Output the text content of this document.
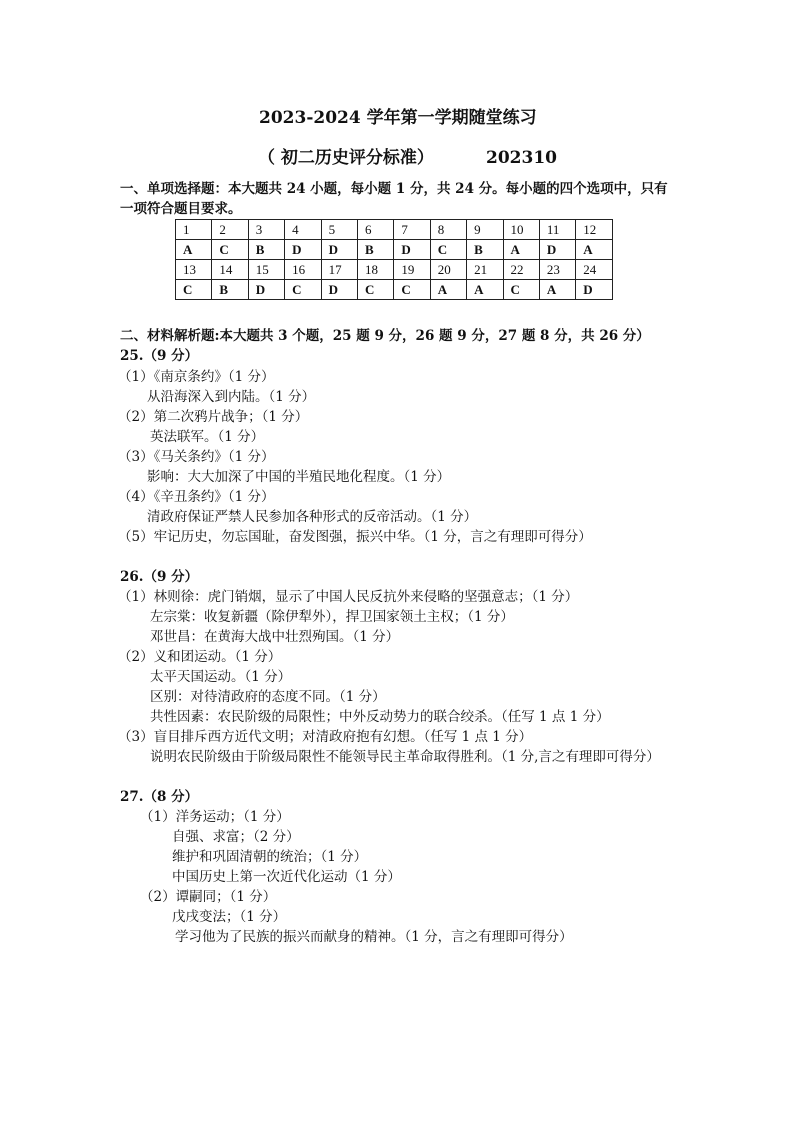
2023-2024 学年第一学期随堂练习
（ 初二历史评分标准）	202310
一、单项选择题：本大题共 24 小题，每小题 1 分，共 24 分。每小题的四个选项中，只有
一项符合题目要求。
1	2	3	4	5	6	7	8	9	10	11	12
A	C	B	D	D	B	D	C	B	A	D	A
13	14	15	16	17	18	19	20	21	22	23	24
C	B	D	C	D	C	C	A	A	C	A	D
二、材料解析题:本大题共 3 个题，25 题 9 分，26 题 9 分，27 题 8 分，共 26 分）
25.（9 分）
（1）《南京条约》（1 分）
从沿海深入到内陆。（1 分）
（2）第二次鸦片战争；（1 分）
英法联军。（1 分）
（3）《马关条约》（1 分）
影响：大大加深了中国的半殖民地化程度。（1 分）
（4）《辛丑条约》（1 分）
清政府保证严禁人民参加各种形式的反帝活动。（1 分）
（5）牢记历史，勿忘国耻，奋发图强，振兴中华。（1 分，言之有理即可得分）
26.（9 分）
（1）林则徐：虎门销烟，显示了中国人民反抗外来侵略的坚强意志；（1 分）
左宗棠：收复新疆（除伊犁外），捍卫国家领土主权；（1 分）
邓世昌：在黄海大战中壮烈殉国。（1 分）
（2）义和团运动。（1 分）
太平天国运动。（1 分）
区别：对待清政府的态度不同。（1 分）
共性因素：农民阶级的局限性；中外反动势力的联合绞杀。（任写 1 点 1 分）
（3）盲目排斥西方近代文明；对清政府抱有幻想。（任写 1 点 1 分）
说明农民阶级由于阶级局限性不能领导民主革命取得胜利。（1 分,言之有理即可得分）
27.（8 分）
（1）洋务运动；（1 分）
自强、求富；（2 分）
维护和巩固清朝的统治；（1 分）
中国历史上第一次近代化运动（1 分）
（2）谭嗣同；（1 分）
戊戌变法；（1 分）
学习他为了民族的振兴而献身的精神。（1 分，言之有理即可得分）
